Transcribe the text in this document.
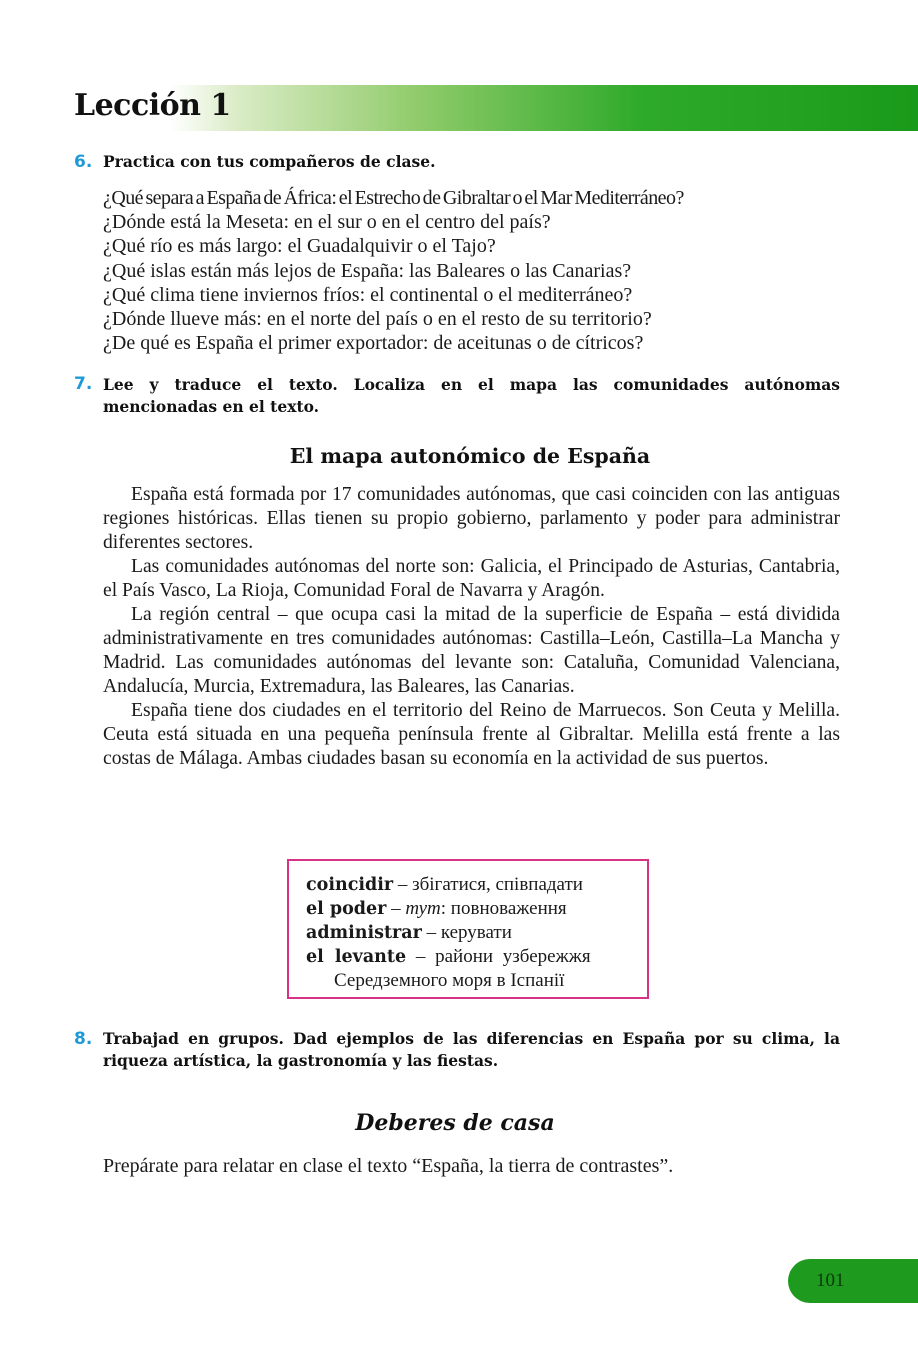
Lección 1
6. Practica con tus compañeros de clase.

¿Qué separa a España de África: el Estrecho de Gibraltar o el Mar Mediterráneo?
¿Dónde está la Meseta: en el sur o en el centro del país?
¿Qué río es más largo: el Guadalquivir o el Tajo?
¿Qué islas están más lejos de España: las Baleares o las Canarias?
¿Qué clima tiene inviernos fríos: el continental o el mediterráneo?
¿Dónde llueve más: en el norte del país o en el resto de su territorio?
¿De qué es España el primer exportador: de aceitunas o de cítricos?
7. Lee y traduce el texto. Localiza en el mapa las comunidades autónomas mencionadas en el texto.

El mapa autonómico de España

España está formada por 17 comunidades autónomas, que casi coinciden con las antiguas regiones históricas. Ellas tienen su propio gobierno, parlamento y poder para administrar diferentes sectores.

Las comunidades autónomas del norte son: Galicia, el Principado de Asturias, Cantabria, el País Vasco, La Rioja, Comunidad Foral de Navarra y Aragón.

La región central – que ocupa casi la mitad de la superficie de España – está dividida administrativamente en tres comunidades autónomas: Castilla–León, Castilla–La Mancha y Madrid. Las comunidades autónomas del levante son: Cataluña, Comunidad Valenciana, Andalucía, Murcia, Extremadura, las Baleares, las Canarias.

España tiene dos ciudades en el territorio del Reino de Marruecos. Son Ceuta y Melilla. Ceuta está situada en una pequeña península frente al Gibraltar. Melilla está frente a las costas de Málaga. Ambas ciudades basan su economía en la actividad de sus puertos.

coincidir – збігатися, співпадати
el poder – тут: повноваження
administrar – керувати
el levante – райони узбережжя
Середземного моря в Іспанії
8. Trabajad en grupos. Dad ejemplos de las diferencias en España por su clima, la riqueza artística, la gastronomía y las fiestas.

Deberes de casa

Prepárate para relatar en clase el texto “España, la tierra de contrastes”.

101
